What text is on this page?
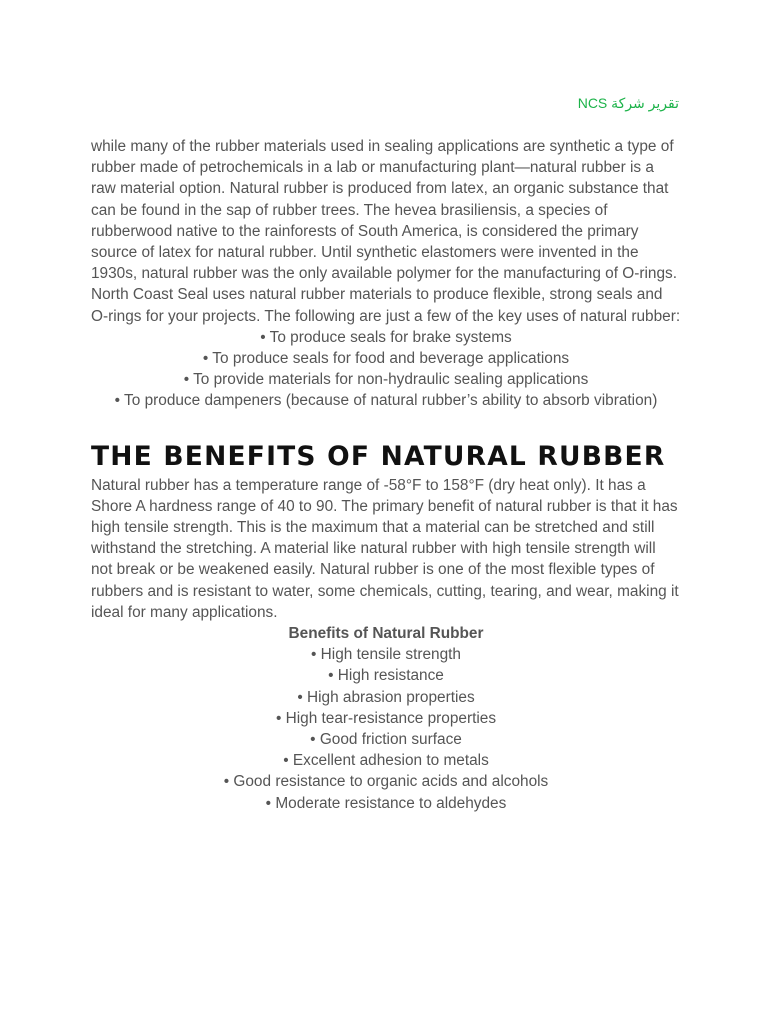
تقرير شركة NCS

while many of the rubber materials used in sealing applications are synthetic a type of rubber made of petrochemicals in a lab or manufacturing plant—natural rubber is a raw material option. Natural rubber is produced from latex, an organic substance that can be found in the sap of rubber trees. The hevea brasiliensis, a species of rubberwood native to the rainforests of South America, is considered the primary source of latex for natural rubber. Until synthetic elastomers were invented in the 1930s, natural rubber was the only available polymer for the manufacturing of O-rings. North Coast Seal uses natural rubber materials to produce flexible, strong seals and O-rings for your projects. The following are just a few of the key uses of natural rubber:

• To produce seals for brake systems
• To produce seals for food and beverage applications
• To provide materials for non-hydraulic sealing applications
• To produce dampeners (because of natural rubber’s ability to absorb vibration)
THE BENEFITS OF NATURAL RUBBER

Natural rubber has a temperature range of -58°F to 158°F (dry heat only). It has a Shore A hardness range of 40 to 90. The primary benefit of natural rubber is that it has high tensile strength. This is the maximum that a material can be stretched and still withstand the stretching. A material like natural rubber with high tensile strength will not break or be weakened easily. Natural rubber is one of the most flexible types of rubbers and is resistant to water, some chemicals, cutting, tearing, and wear, making it ideal for many applications.

Benefits of Natural Rubber
• High tensile strength
• High resistance
• High abrasion properties
• High tear-resistance properties
• Good friction surface
• Excellent adhesion to metals
• Good resistance to organic acids and alcohols
• Moderate resistance to aldehydes
